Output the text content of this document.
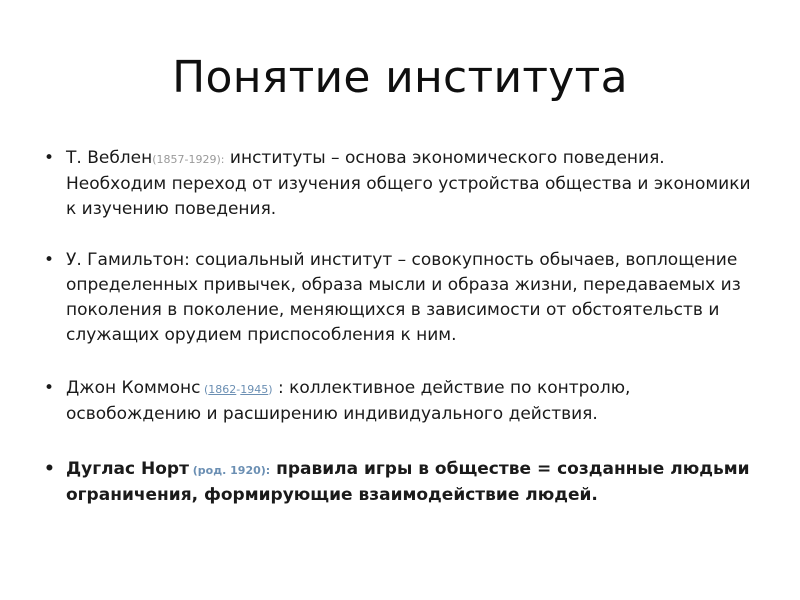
Понятие института
• Т. Веблен(1857-1929): институты – основа экономического поведения. Необходим переход от изучения общего устройства общества и экономики к изучению поведения.
• У. Гамильтон: социальный институт – совокупность обычаев, воплощение определенных привычек, образа мысли и образа жизни, передаваемых из поколения в поколение, меняющихся в зависимости от обстоятельств и служащих орудием приспособления к ним.
• Джон Коммонс (1862-1945) : коллективное действие по контролю, освобождению и расширению индивидуального действия.
• Дуглас Норт (род. 1920): правила игры в обществе = созданные людьми ограничения, формирующие взаимодействие людей.
